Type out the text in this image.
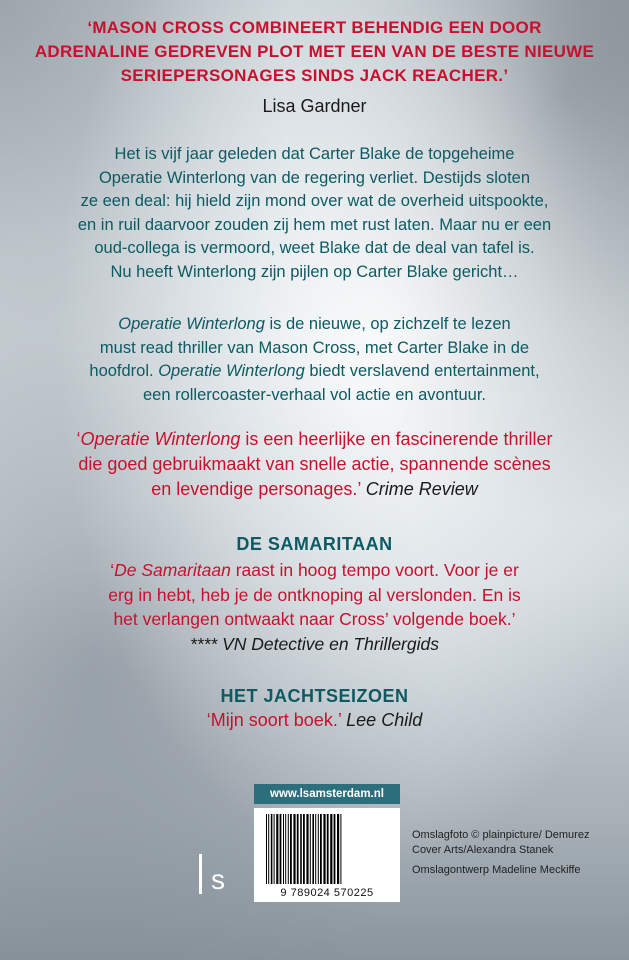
‘MASON CROSS COMBINEERT BEHENDIG EEN DOOR
ADRENALINE GEDREVEN PLOT MET EEN VAN DE BESTE NIEUWE
SERIEPERSONAGES SINDS JACK REACHER.’
Lisa Gardner
Het is vijf jaar geleden dat Carter Blake de topgeheime
Operatie Winterlong van de regering verliet. Destijds sloten
ze een deal: hij hield zijn mond over wat de overheid uitspookte,
en in ruil daarvoor zouden zij hem met rust laten. Maar nu er een
oud-collega is vermoord, weet Blake dat de deal van tafel is.
Nu heeft Winterlong zijn pijlen op Carter Blake gericht…
Operatie Winterlong is de nieuwe, op zichzelf te lezen
must read thriller van Mason Cross, met Carter Blake in de
hoofdrol. Operatie Winterlong biedt verslavend entertainment,
een rollercoaster-verhaal vol actie en avontuur.
‘Operatie Winterlong is een heerlijke en fascinerende thriller
die goed gebruikmaakt van snelle actie, spannende scènes
en levendige personages.’ Crime Review
DE SAMARITAAN
‘De Samaritaan raast in hoog tempo voort. Voor je er
erg in hebt, heb je de ontknoping al verslonden. En is
het verlangen ontwaakt naar Cross’ volgende boek.’
**** VN Detective en Thrillergids
HET JACHTSEIZOEN
‘Mijn soort boek.’ Lee Child
www.lsamsterdam.nl
9 789024 570225
s

Omslagfoto © plainpicture/ Demurez Cover Arts/Alexandra Stanek

Omslagontwerp Madeline Meckiffe
